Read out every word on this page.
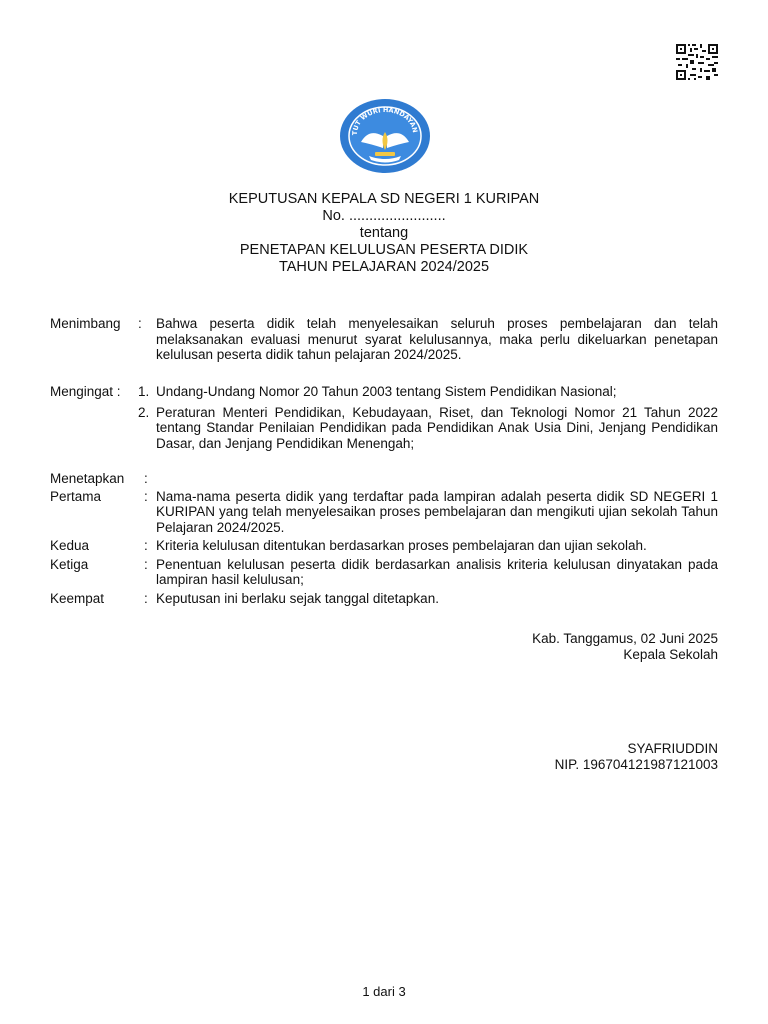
TUT WURI HANDAYAN
KEPUTUSAN KEPALA SD NEGERI 1 KURIPAN
No. ........................
tentang
PENETAPAN KELULUSAN PESERTA DIDIK
TAHUN PELAJARAN 2024/2025
Menimbang	:	Bahwa peserta didik telah menyelesaikan seluruh proses pembelajaran dan telah melaksanakan evaluasi menurut syarat kelulusannya, maka perlu dikeluarkan penetapan kelulusan peserta didik tahun pelajaran 2024/2025.
Mengingat :	1. Undang-Undang Nomor 20 Tahun 2003 tentang Sistem Pendidikan Nasional;
2. Peraturan Menteri Pendidikan, Kebudayaan, Riset, dan Teknologi Nomor 21 Tahun 2022 tentang Standar Penilaian Pendidikan pada Pendidikan Anak Usia Dini, Jenjang Pendidikan Dasar, dan Jenjang Pendidikan Menengah;
Menetapkan	:
Pertama	: Nama-nama peserta didik yang terdaftar pada lampiran adalah peserta didik SD NEGERI 1 KURIPAN yang telah menyelesaikan proses pembelajaran dan mengikuti ujian sekolah Tahun Pelajaran 2024/2025.
Kedua	: Kriteria kelulusan ditentukan berdasarkan proses pembelajaran dan ujian sekolah.
Ketiga	: Penentuan kelulusan peserta didik berdasarkan analisis kriteria kelulusan dinyatakan pada lampiran hasil kelulusan;
Keempat	: Keputusan ini berlaku sejak tanggal ditetapkan.
Kab. Tanggamus, 02 Juni 2025
Kepala Sekolah
SYAFRIUDDIN
NIP. 196704121987121003
1 dari 3
